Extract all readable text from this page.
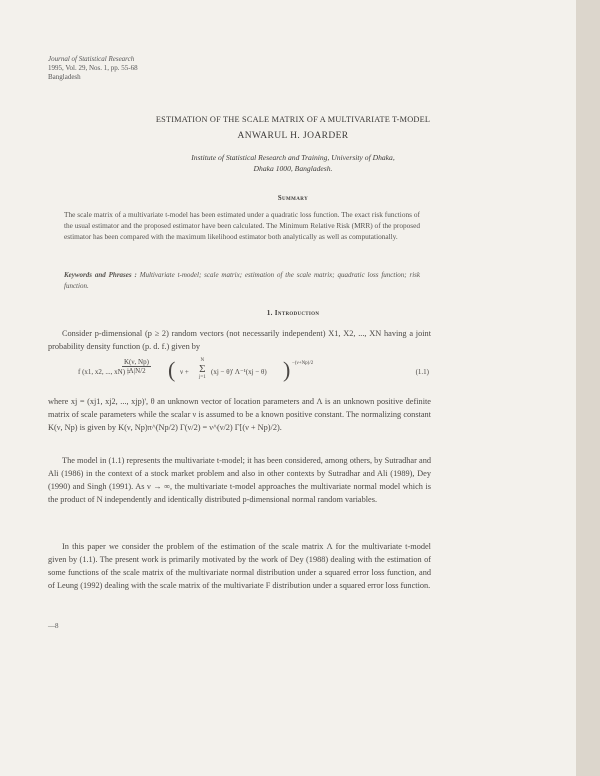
Journal of Statistical Research
1995, Vol. 29, Nos. 1, pp. 55-68
Bangladesh
ESTIMATION OF THE SCALE MATRIX OF A MULTIVARIATE T-MODEL
ANWARUL H. JOARDER
Institute of Statistical Research and Training, University of Dhaka,
Dhaka 1000, Bangladesh.
Summary
The scale matrix of a multivariate t-model has been estimated under a quadratic loss function. The exact risk functions of the usual estimator and the proposed estimator have been calculated. The Minimum Relative Risk (MRR) of the proposed estimator has been compared with the maximum likelihood estimator both analytically as well as computationally.
Keywords and Phrases : Multivariate t-model; scale matrix; estimation of the scale matrix; quadratic loss function; risk function.
1. Introduction
Consider p-dimensional (p ≥ 2) random vectors (not necessarily independent) X1, X2, ..., XN having a joint probability density function (p. d. f.) given by
f (x1, x2, ..., xN) =
$\frac{K(\nu, Np)}{|\Lambda|N/2}$ ( ν +
N
Σ
j=1
(xj − θ)' Λ⁻¹(xj − θ) ) −(ν+Np)/2
(1.1)
where xj = (xj1, xj2, ..., xjp)', θ an unknown vector of location parameters and Λ is an unknown positive definite matrix of scale parameters while the scalar ν is assumed to be a known positive constant. The normalizing constant K(ν, Np) is given by K(ν, Np)π^(Np/2) Γ(ν/2) = ν^(ν/2) Γ[(ν + Np)/2).
The model in (1.1) represents the multivariate t-model; it has been considered, among others, by Sutradhar and Ali (1986) in the context of a stock market problem and also in other contexts by Sutradhar and Ali (1989), Dey (1990) and Singh (1991). As ν → ∞, the multivariate t-model approaches the multivariate normal model which is the product of N independently and identically distributed p-dimensional normal random variables.
In this paper we consider the problem of the estimation of the scale matrix Λ for the multivariate t-model given by (1.1). The present work is primarily motivated by the work of Dey (1988) dealing with the estimation of some functions of the scale matrix of the multivariate normal distribution under a squared error loss function, and of Leung (1992) dealing with the scale matrix of the multivariate F distribution under a squared error loss function.
—8
